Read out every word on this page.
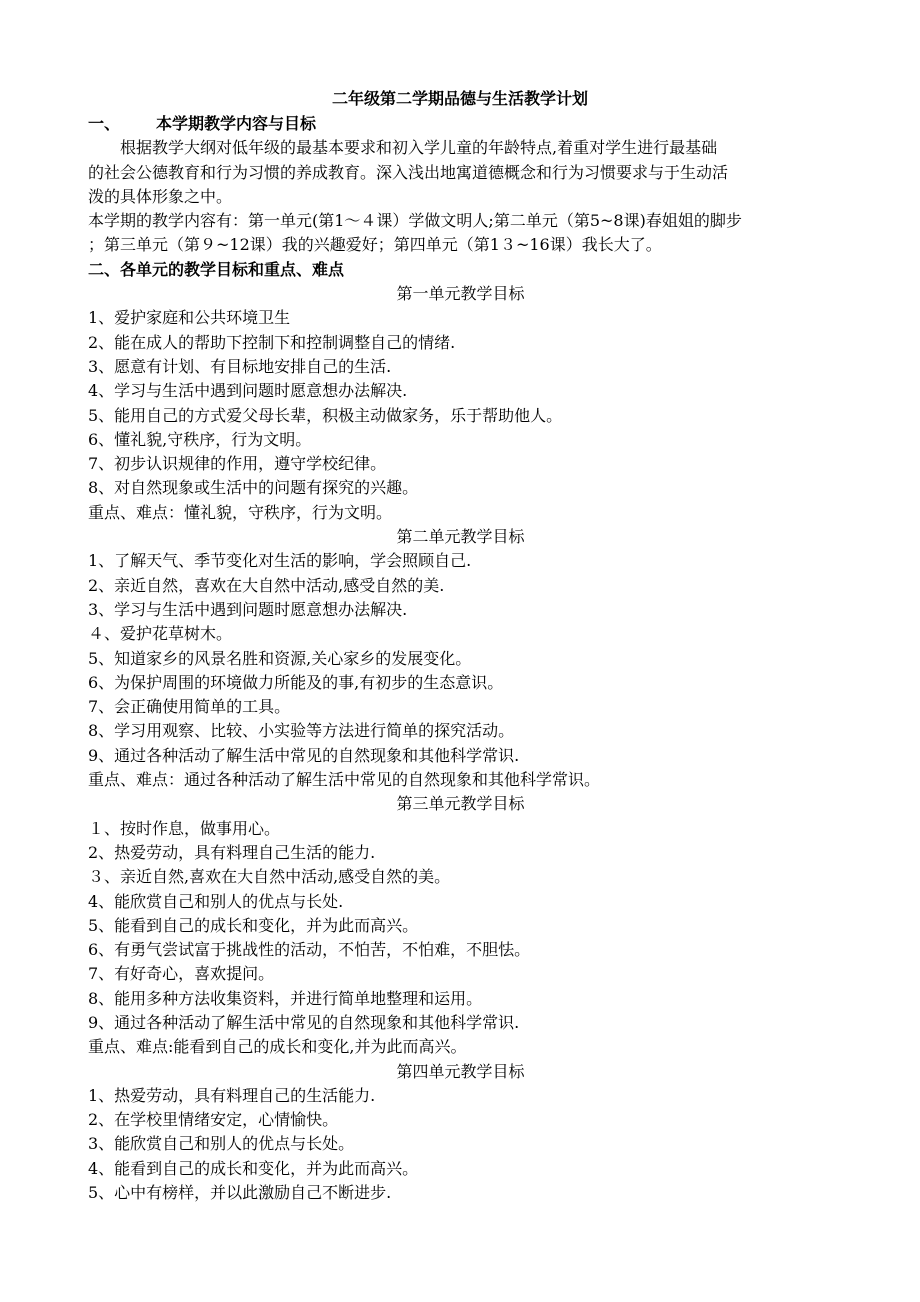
二年级第二学期品德与生活教学计划
一、 本学期教学内容与目标
根据教学大纲对低年级的最基本要求和初入学儿童的年龄特点,着重对学生进行最基础
的社会公德教育和行为习惯的养成教育。深入浅出地寓道德概念和行为习惯要求与于生动活
泼的具体形象之中。
本学期的教学内容有：第一单元(第1～４课）学做文明人;第二单元（第5~8课)春姐姐的脚步
；第三单元（第９~12课）我的兴趣爱好；第四单元（第1３~16课）我长大了。
二、各单元的教学目标和重点、难点
第一单元教学目标
1、爱护家庭和公共环境卫生
2、能在成人的帮助下控制下和控制调整自己的情绪.
3、愿意有计划、有目标地安排自己的生活.
4、学习与生活中遇到问题时愿意想办法解决.
5、能用自己的方式爱父母长辈，积极主动做家务，乐于帮助他人。
6、懂礼貌,守秩序，行为文明。
7、初步认识规律的作用，遵守学校纪律。
8、对自然现象或生活中的问题有探究的兴趣。
重点、难点：懂礼貌，守秩序，行为文明。
第二单元教学目标
1、了解天气、季节变化对生活的影响，学会照顾自己.
2、亲近自然，喜欢在大自然中活动,感受自然的美.
3、学习与生活中遇到问题时愿意想办法解决.
４、爱护花草树木。
5、知道家乡的风景名胜和资源,关心家乡的发展变化。
6、为保护周围的环境做力所能及的事,有初步的生态意识。
7、会正确使用简单的工具。
8、学习用观察、比较、小实验等方法进行简单的探究活动。
9、通过各种活动了解生活中常见的自然现象和其他科学常识.
重点、难点：通过各种活动了解生活中常见的自然现象和其他科学常识。
第三单元教学目标
１、按时作息，做事用心。
2、热爱劳动，具有料理自己生活的能力.
３、亲近自然,喜欢在大自然中活动,感受自然的美。
4、能欣赏自己和别人的优点与长处.
5、能看到自己的成长和变化，并为此而高兴。
6、有勇气尝试富于挑战性的活动，不怕苦，不怕难，不胆怯。
7、有好奇心，喜欢提问。
8、能用多种方法收集资料，并进行简单地整理和运用。
9、通过各种活动了解生活中常见的自然现象和其他科学常识.
重点、难点:能看到自己的成长和变化,并为此而高兴。
第四单元教学目标
1、热爱劳动，具有料理自己的生活能力.
2、在学校里情绪安定，心情愉快。
3、能欣赏自己和别人的优点与长处。
4、能看到自己的成长和变化，并为此而高兴。
5、心中有榜样，并以此激励自己不断进步.
